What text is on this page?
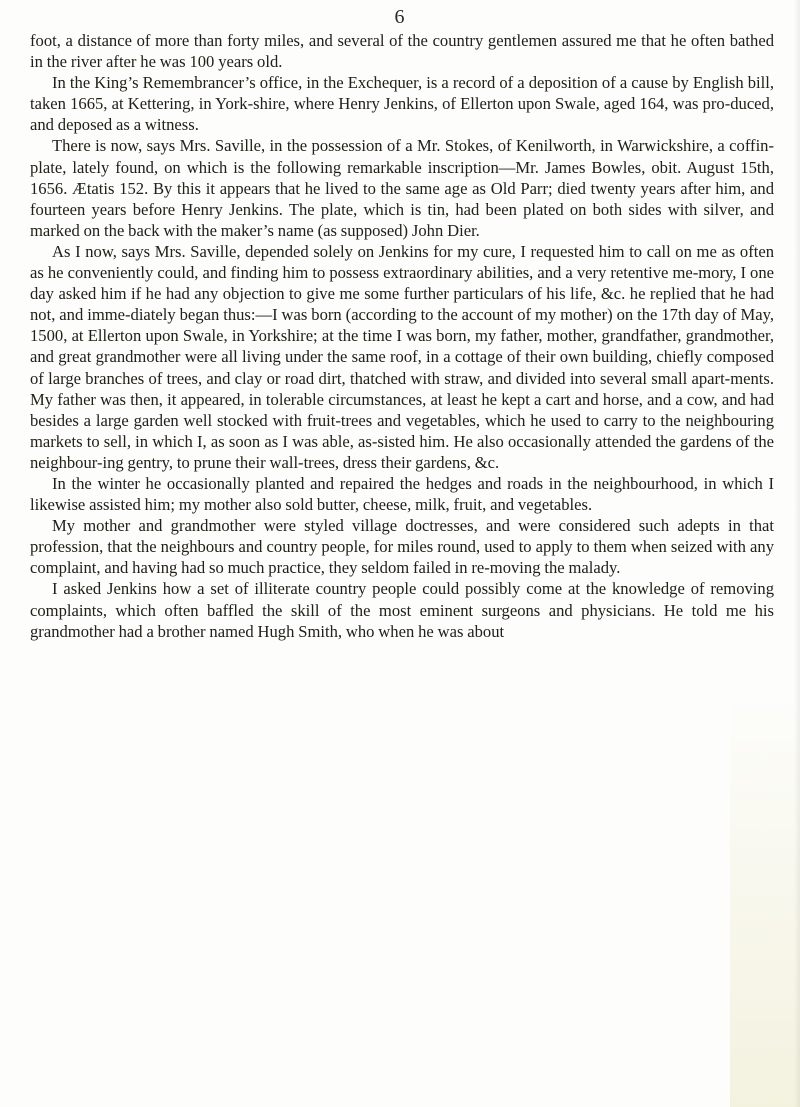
6

foot, a distance of more than forty miles, and several of the country gentlemen assured me that he often bathed in the river after he was 100 years old.

In the King’s Remembrancer’s office, in the Exchequer, is a record of a deposition of a cause by English bill, taken 1665, at Kettering, in York-shire, where Henry Jenkins, of Ellerton upon Swale, aged 164, was pro-duced, and deposed as a witness.

There is now, says Mrs. Saville, in the possession of a Mr. Stokes, of Kenilworth, in Warwickshire, a coffin-plate, lately found, on which is the following remarkable inscription—Mr. James Bowles, obit. August 15th, 1656. Ætatis 152. By this it appears that he lived to the same age as Old Parr; died twenty years after him, and fourteen years before Henry Jenkins. The plate, which is tin, had been plated on both sides with silver, and marked on the back with the maker’s name (as supposed) John Dier.

As I now, says Mrs. Saville, depended solely on Jenkins for my cure, I requested him to call on me as often as he conveniently could, and finding him to possess extraordinary abilities, and a very retentive me-mory, I one day asked him if he had any objection to give me some further particulars of his life, &c. he replied that he had not, and imme-diately began thus:—I was born (according to the account of my mother) on the 17th day of May, 1500, at Ellerton upon Swale, in Yorkshire; at the time I was born, my father, mother, grandfather, grandmother, and great grandmother were all living under the same roof, in a cottage of their own building, chiefly composed of large branches of trees, and clay or road dirt, thatched with straw, and divided into several small apart-ments. My father was then, it appeared, in tolerable circumstances, at least he kept a cart and horse, and a cow, and had besides a large garden well stocked with fruit-trees and vegetables, which he used to carry to the neighbouring markets to sell, in which I, as soon as I was able, as-sisted him. He also occasionally attended the gardens of the neighbour-ing gentry, to prune their wall-trees, dress their gardens, &c.

In the winter he occasionally planted and repaired the hedges and roads in the neighbourhood, in which I likewise assisted him; my mother also sold butter, cheese, milk, fruit, and vegetables.

My mother and grandmother were styled village doctresses, and were considered such adepts in that profession, that the neighbours and country people, for miles round, used to apply to them when seized with any complaint, and having had so much practice, they seldom failed in re-moving the malady.

I asked Jenkins how a set of illiterate country people could possibly come at the knowledge of removing complaints, which often baffled the skill of the most eminent surgeons and physicians. He told me his grandmother had a brother named Hugh Smith, who when he was about
